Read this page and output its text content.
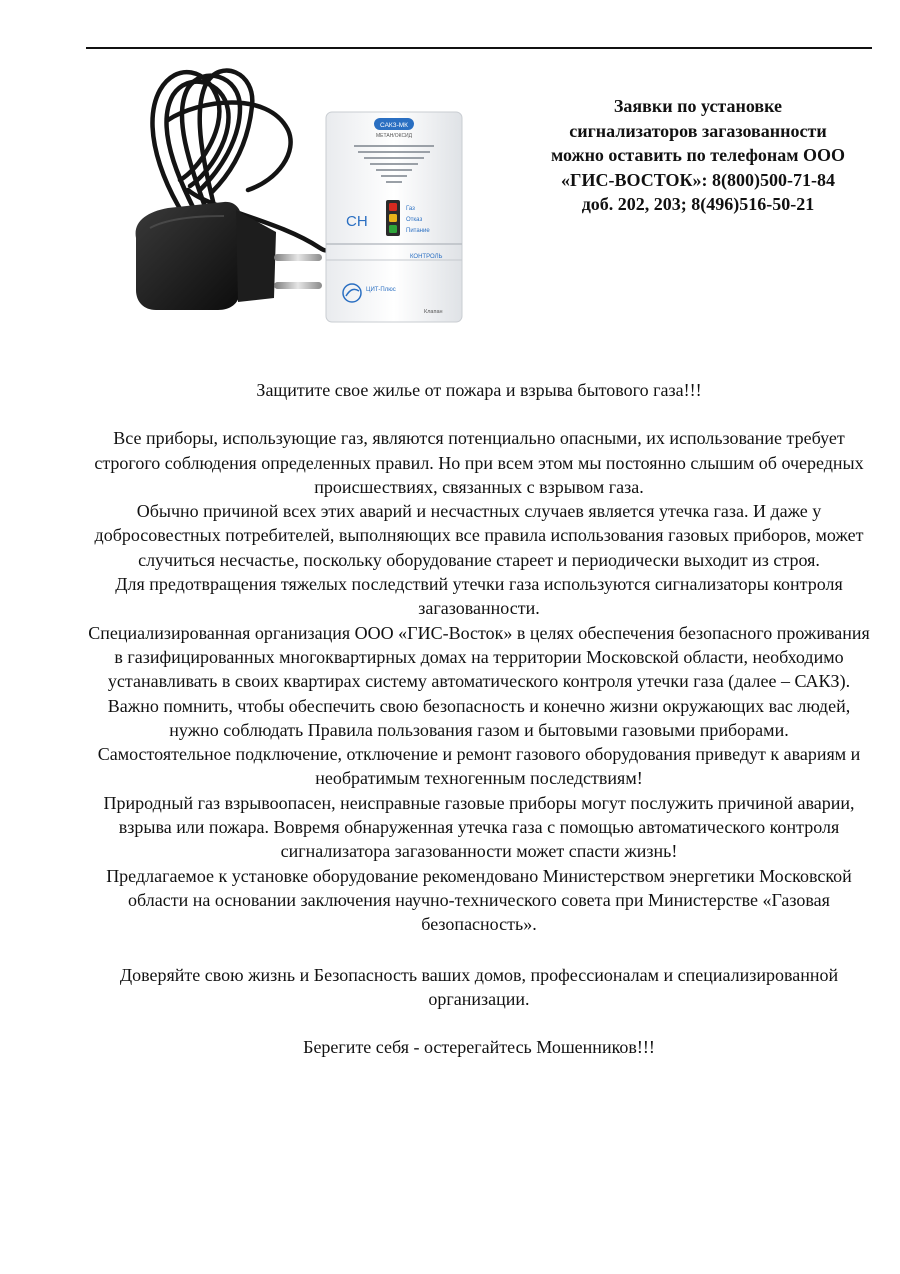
САКЗ-МК
МЕТАН/ОКСИД
CH
Газ
Отказ
Питание
КОНТРОЛЬ
ЦИТ-Плюс
Клапан
Заявки по установке сигнализаторов загазованности можно оставить по телефонам ООО «ГИС-ВОСТОК»: 8(800)500-71-84 доб. 202, 203; 8(496)516-50-21

Защитите свое жилье от пожара и взрыва бытового газа!!!

Все приборы, использующие газ, являются потенциально опасными, их использование требует строгого соблюдения определенных правил. Но при всем этом мы постоянно слышим об очередных происшествиях, связанных с взрывом газа.

Обычно причиной всех этих аварий и несчастных случаев является утечка газа. И даже у добросовестных потребителей, выполняющих все правила использования газовых приборов, может случиться несчастье, поскольку оборудование стареет и периодически выходит из строя.

Для предотвращения тяжелых последствий утечки газа используются сигнализаторы контроля загазованности.

Специализированная организация ООО «ГИС-Восток» в целях обеспечения безопасного проживания в газифицированных многоквартирных домах на территории Московской области, необходимо устанавливать в своих квартирах систему автоматического контроля утечки газа (далее – САКЗ).

Важно помнить, чтобы обеспечить свою безопасность и конечно жизни окружающих вас людей, нужно соблюдать Правила пользования газом и бытовыми газовыми приборами.

Самостоятельное подключение, отключение и ремонт газового оборудования приведут к авариям и необратимым техногенным последствиям!

Природный газ взрывоопасен, неисправные газовые приборы могут послужить причиной аварии, взрыва или пожара. Вовремя обнаруженная утечка газа с помощью автоматического контроля сигнализатора загазованности может спасти жизнь!

Предлагаемое к установке оборудование рекомендовано Министерством энергетики Московской области на основании заключения научно-технического совета при Министерстве «Газовая безопасность».

Доверяйте свою жизнь и Безопасность ваших домов, профессионалам и специализированной организации.

Берегите себя - остерегайтесь Мошенников!!!
